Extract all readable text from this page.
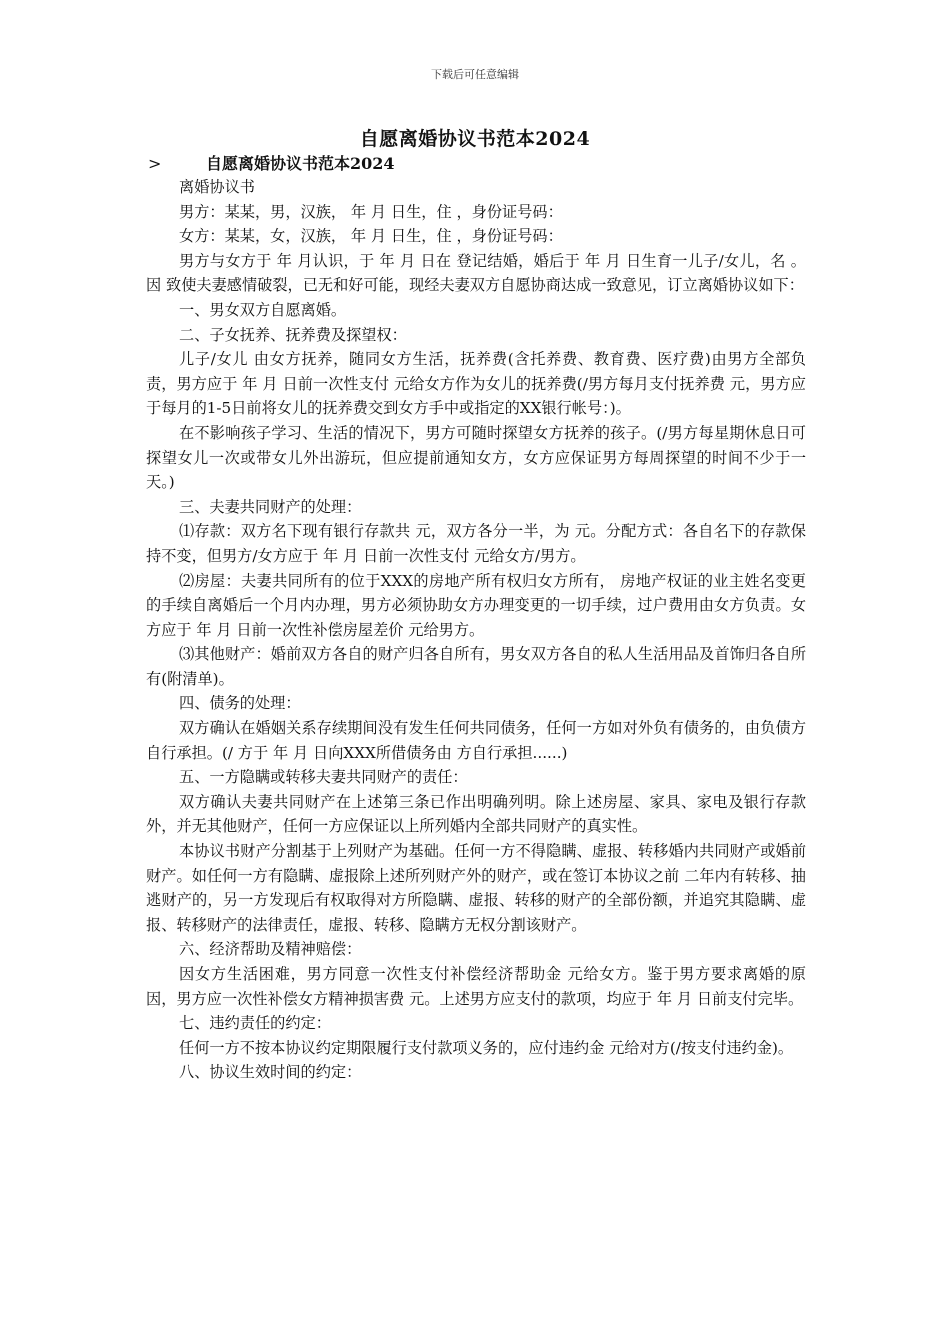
下载后可任意编辑
自愿离婚协议书范本2024
>	自愿离婚协议书范本2024

离婚协议书

男方：某某，男，汉族， 年 月 日生，住 ，身份证号码：

女方：某某，女，汉族， 年 月 日生，住 ，身份证号码：

男方与女方于 年 月认识，于 年 月 日在 登记结婚，婚后于 年 月 日生育一儿子/女儿，名 。因 致使夫妻感情破裂，已无和好可能，现经夫妻双方自愿协商达成一致意见，订立离婚协议如下：

一、男女双方自愿离婚。

二、子女抚养、抚养费及探望权：

儿子/女儿 由女方抚养，随同女方生活，抚养费(含托养费、教育费、医疗费)由男方全部负责，男方应于 年 月 日前一次性支付 元给女方作为女儿的抚养费(/男方每月支付抚养费 元，男方应于每月的1-5日前将女儿的抚养费交到女方手中或指定的XX银行帐号：)。

在不影响孩子学习、生活的情况下，男方可随时探望女方抚养的孩子。(/男方每星期休息日可探望女儿一次或带女儿外出游玩，但应提前通知女方，女方应保证男方每周探望的时间不少于一天。)

三、夫妻共同财产的处理：

⑴存款：双方名下现有银行存款共 元，双方各分一半，为 元。分配方式：各自名下的存款保持不变，但男方/女方应于 年 月 日前一次性支付 元给女方/男方。

⑵房屋：夫妻共同所有的位于XXX的房地产所有权归女方所有， 房地产权证的业主姓名变更的手续自离婚后一个月内办理，男方必须协助女方办理变更的一切手续，过户费用由女方负责。女方应于 年 月 日前一次性补偿房屋差价 元给男方。

⑶其他财产：婚前双方各自的财产归各自所有，男女双方各自的私人生活用品及首饰归各自所有(附清单)。

四、债务的处理：

双方确认在婚姻关系存续期间没有发生任何共同债务，任何一方如对外负有债务的，由负债方自行承担。(/ 方于 年 月 日向XXX所借债务由 方自行承担......)

五、一方隐瞒或转移夫妻共同财产的责任：

双方确认夫妻共同财产在上述第三条已作出明确列明。除上述房屋、家具、家电及银行存款外，并无其他财产，任何一方应保证以上所列婚内全部共同财产的真实性。

本协议书财产分割基于上列财产为基础。任何一方不得隐瞒、虚报、转移婚内共同财产或婚前财产。如任何一方有隐瞒、虚报除上述所列财产外的财产，或在签订本协议之前 二年内有转移、抽逃财产的，另一方发现后有权取得对方所隐瞒、虚报、转移的财产的全部份额，并追究其隐瞒、虚报、转移财产的法律责任，虚报、转移、隐瞒方无权分割该财产。

六、经济帮助及精神赔偿：

因女方生活困难，男方同意一次性支付补偿经济帮助金 元给女方。鉴于男方要求离婚的原因，男方应一次性补偿女方精神损害费 元。上述男方应支付的款项，均应于 年 月 日前支付完毕。

七、违约责任的约定：

任何一方不按本协议约定期限履行支付款项义务的，应付违约金 元给对方(/按支付违约金)。

八、协议生效时间的约定：
